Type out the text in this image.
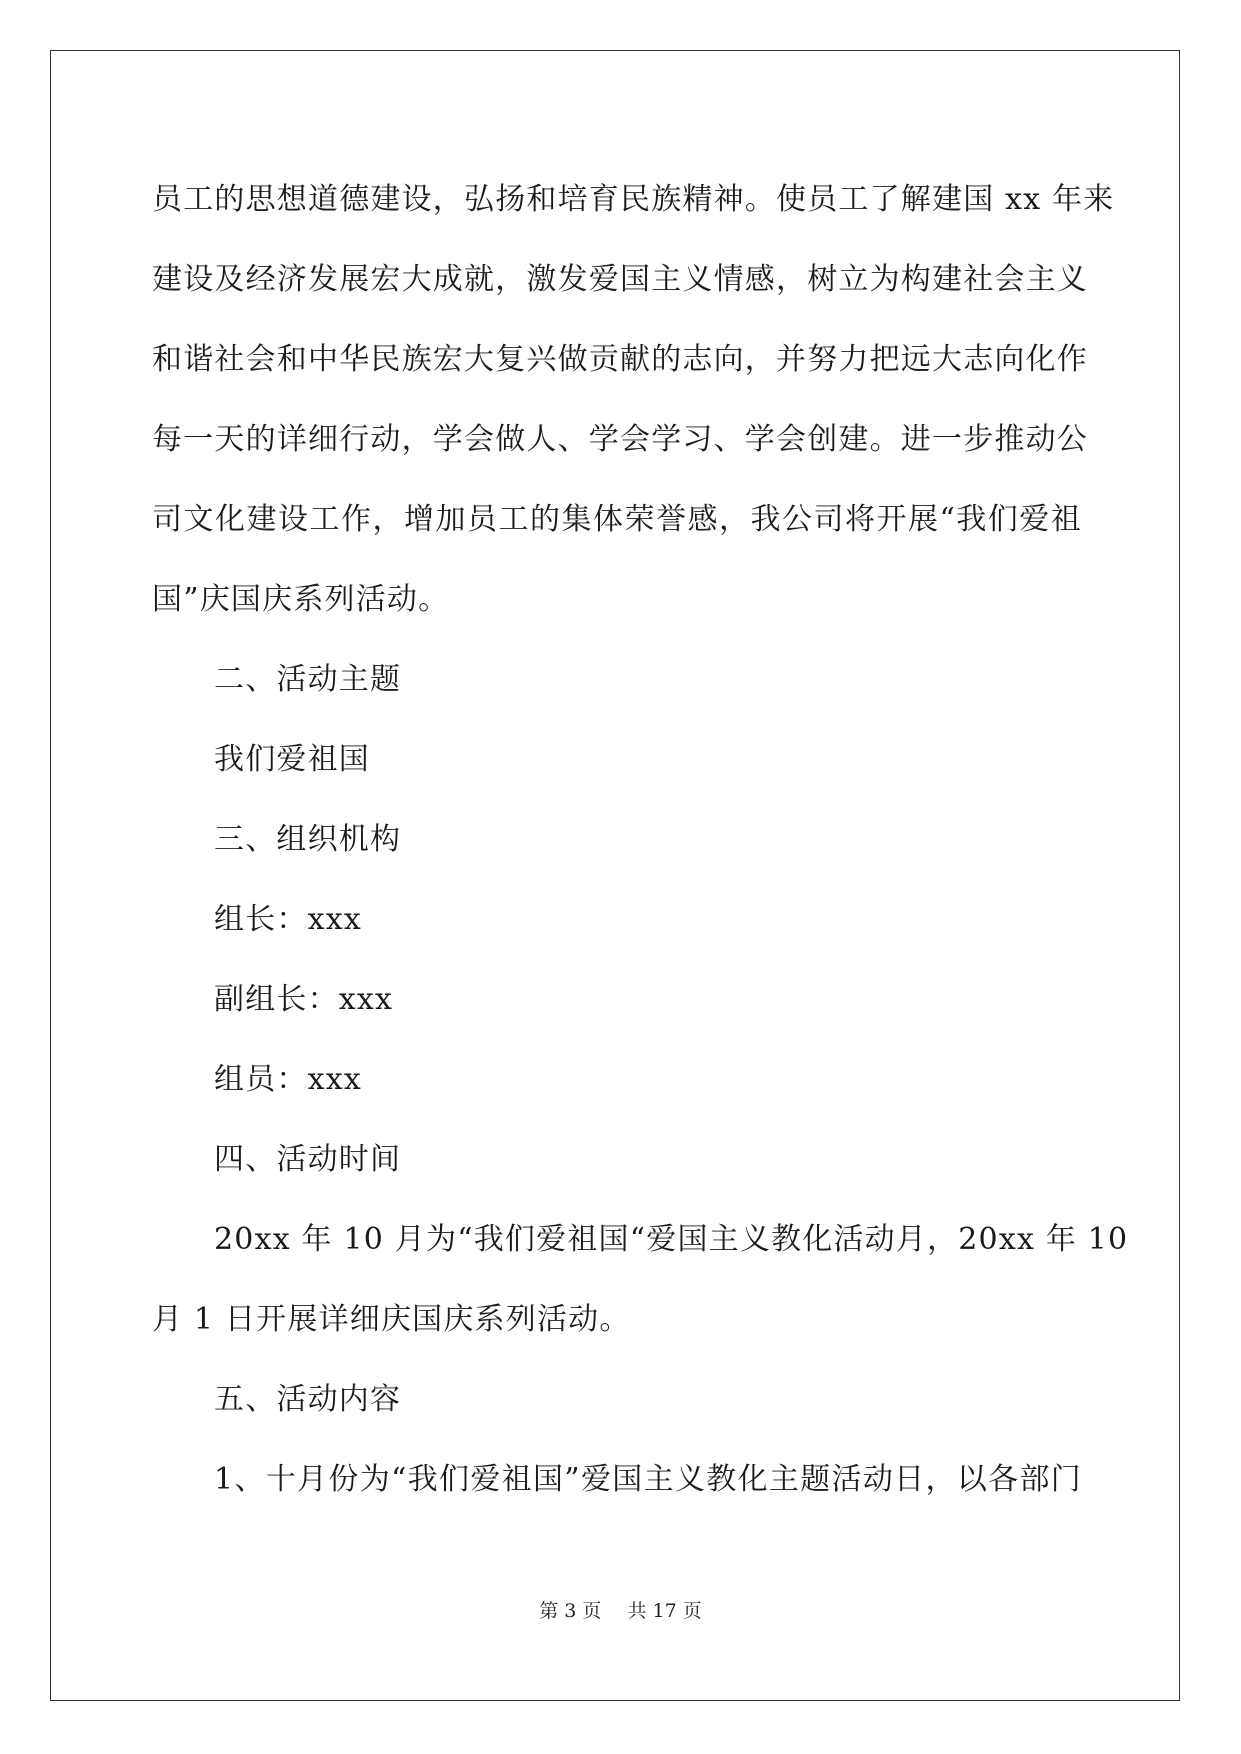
员工的思想道德建设，弘扬和培育民族精神。使员工了解建国 xx 年来
建设及经济发展宏大成就，激发爱国主义情感，树立为构建社会主义
和谐社会和中华民族宏大复兴做贡献的志向，并努力把远大志向化作
每一天的详细行动，学会做人、学会学习、学会创建。进一步推动公
司文化建设工作，增加员工的集体荣誉感，我公司将开展“我们爱祖
国”庆国庆系列活动。
二、活动主题
我们爱祖国
三、组织机构
组长：xxx
副组长：xxx
组员：xxx
四、活动时间
20xx 年 10 月为“我们爱祖国“爱国主义教化活动月，20xx 年 10
月 1 日开展详细庆国庆系列活动。
五、活动内容
1、十月份为“我们爱祖国”爱国主义教化主题活动日，以各部门
第 3 页 共 17 页
